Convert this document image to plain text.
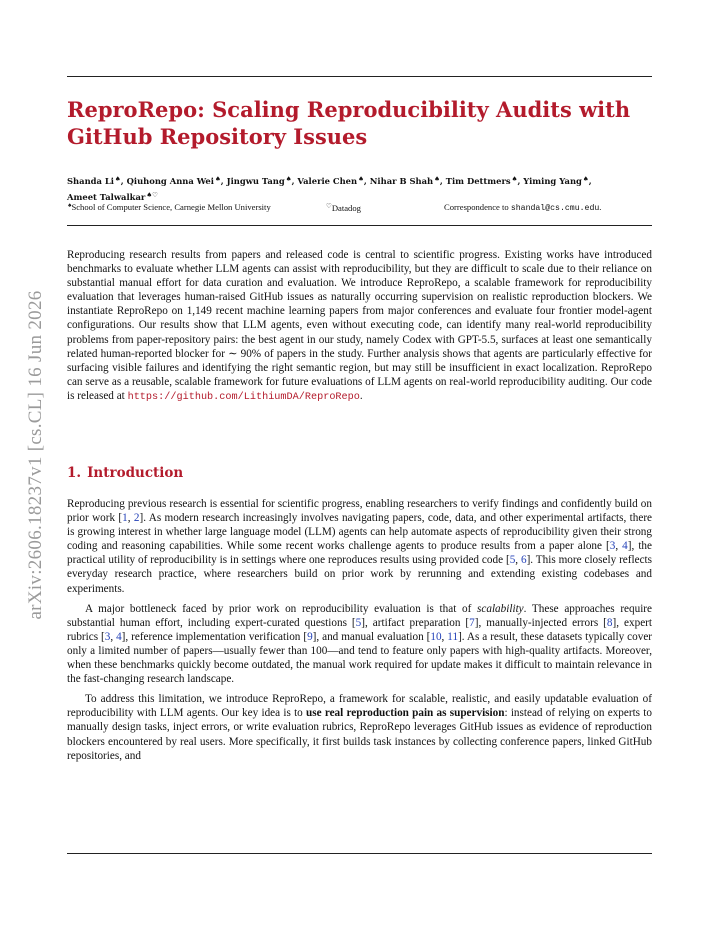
arXiv:2606.18237v1 [cs.CL] 16 Jun 2026
ReproRepo: Scaling Reproducibility Audits with
GitHub Repository Issues
Shanda Li♠, Qiuhong Anna Wei♠, Jingwu Tang♠, Valerie Chen♠, Nihar B Shah♠, Tim Dettmers♠, Yiming Yang♠,
Ameet Talwalkar♠♡
♠School of Computer Science, Carnegie Mellon University	♡Datadog	Correspondence to shandal@cs.cmu.edu.

Reproducing research results from papers and released code is central to scientific progress. Existing works have introduced benchmarks to evaluate whether LLM agents can assist with reproducibility, but they are difficult to scale due to their reliance on substantial manual effort for data curation and evaluation. We introduce ReproRepo, a scalable framework for reproducibility evaluation that leverages human-raised GitHub issues as naturally occurring supervision on realistic reproduction blockers. We instantiate ReproRepo on 1,149 recent machine learning papers from major conferences and evaluate four frontier model-agent configurations. Our results show that LLM agents, even without executing code, can identify many real-world reproducibility problems from paper-repository pairs: the best agent in our study, namely Codex with GPT-5.5, surfaces at least one semantically related human-reported blocker for ∼ 90% of papers in the study. Further analysis shows that agents are particularly effective for surfacing visible failures and identifying the right semantic region, but may still be insufficient in exact localization. ReproRepo can serve as a reusable, scalable framework for future evaluations of LLM agents on real-world reproducibility auditing. Our code is released at https://github.com/LithiumDA/ReproRepo.

1. Introduction

Reproducing previous research is essential for scientific progress, enabling researchers to verify findings and confidently build on prior work [1, 2]. As modern research increasingly involves navigating papers, code, data, and other experimental artifacts, there is growing interest in whether large language model (LLM) agents can help automate aspects of reproducibility given their strong coding and reasoning capabilities. While some recent works challenge agents to produce results from a paper alone [3, 4], the practical utility of reproducibility is in settings where one reproduces results using provided code [5, 6]. This more closely reflects everyday research practice, where researchers build on prior work by rerunning and extending existing codebases and experiments.

A major bottleneck faced by prior work on reproducibility evaluation is that of scalability. These approaches require substantial human effort, including expert-curated questions [5], artifact preparation [7], manually-injected errors [8], expert rubrics [3, 4], reference implementation verification [9], and manual evaluation [10, 11]. As a result, these datasets typically cover only a limited number of papers—usually fewer than 100—and tend to feature only papers with high-quality artifacts. Moreover, when these benchmarks quickly become outdated, the manual work required for update makes it difficult to maintain relevance in the fast-changing research landscape.

To address this limitation, we introduce ReproRepo, a framework for scalable, realistic, and easily updatable evaluation of reproducibility with LLM agents. Our key idea is to use real reproduction pain as supervision: instead of relying on experts to manually design tasks, inject errors, or write evaluation rubrics, ReproRepo leverages GitHub issues as evidence of reproduction blockers encountered by real users. More specifically, it first builds task instances by collecting conference papers, linked GitHub repositories, and
